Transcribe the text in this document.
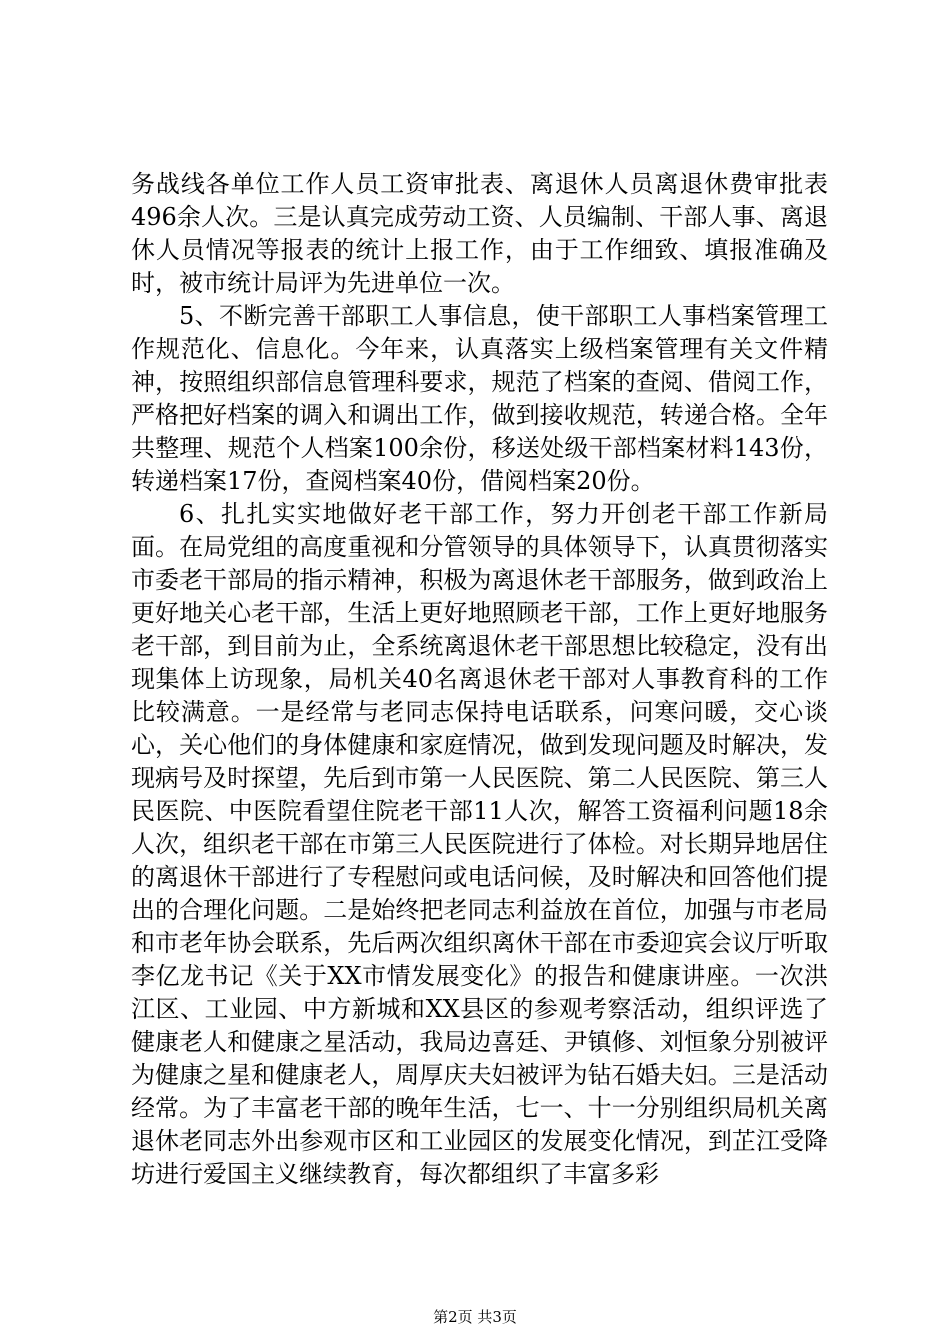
务战线各单位工作人员工资审批表、离退休人员离退休费审批表496余人次。三是认真完成劳动工资、人员编制、干部人事、离退休人员情况等报表的统计上报工作，由于工作细致、填报准确及时，被市统计局评为先进单位一次。

5、不断完善干部职工人事信息，使干部职工人事档案管理工作规范化、信息化。今年来，认真落实上级档案管理有关文件精神，按照组织部信息管理科要求，规范了档案的查阅、借阅工作，严格把好档案的调入和调出工作，做到接收规范，转递合格。全年共整理、规范个人档案100余份，移送处级干部档案材料143份，转递档案17份，查阅档案40份，借阅档案20份。

6、扎扎实实地做好老干部工作，努力开创老干部工作新局面。在局党组的高度重视和分管领导的具体领导下，认真贯彻落实市委老干部局的指示精神，积极为离退休老干部服务，做到政治上更好地关心老干部，生活上更好地照顾老干部，工作上更好地服务老干部，到目前为止，全系统离退休老干部思想比较稳定，没有出现集体上访现象，局机关40名离退休老干部对人事教育科的工作比较满意。一是经常与老同志保持电话联系，问寒问暖，交心谈心，关心他们的身体健康和家庭情况，做到发现问题及时解决，发现病号及时探望，先后到市第一人民医院、第二人民医院、第三人民医院、中医院看望住院老干部11人次，解答工资福利问题18余人次，组织老干部在市第三人民医院进行了体检。对长期异地居住的离退休干部进行了专程慰问或电话问候，及时解决和回答他们提出的合理化问题。二是始终把老同志利益放在首位，加强与市老局和市老年协会联系，先后两次组织离休干部在市委迎宾会议厅听取李亿龙书记《关于XX市情发展变化》的报告和健康讲座。一次洪江区、工业园、中方新城和XX县区的参观考察活动，组织评选了健康老人和健康之星活动，我局边喜廷、尹镇修、刘恒象分别被评为健康之星和健康老人，周厚庆夫妇被评为钻石婚夫妇。三是活动经常。为了丰富老干部的晚年生活，七一、十一分别组织局机关离退休老同志外出参观市区和工业园区的发展变化情况，到芷江受降坊进行爱国主义继续教育，每次都组织了丰富多彩

第2页 共3页
